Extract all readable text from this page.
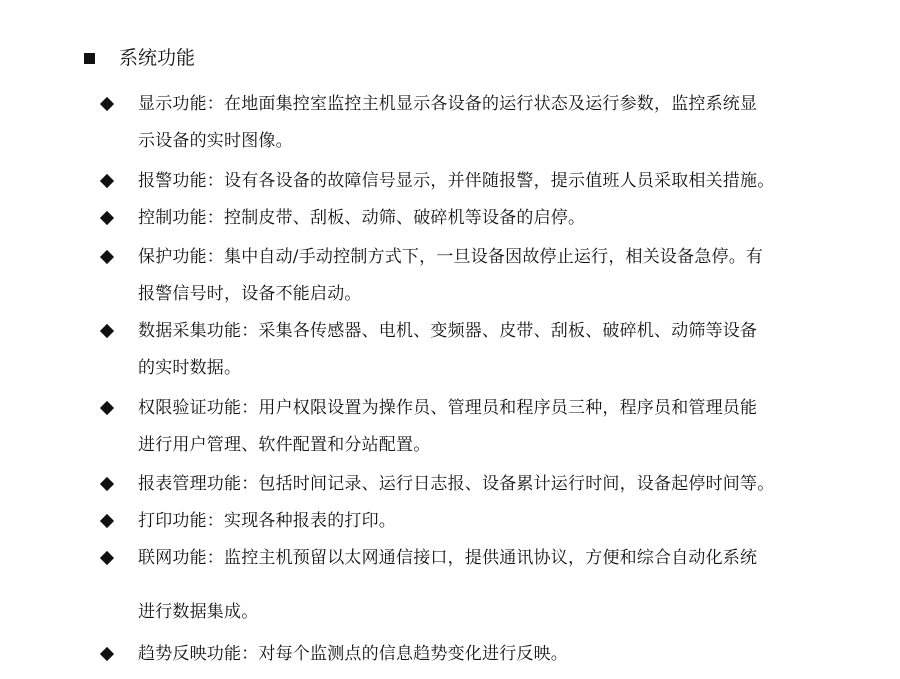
系统功能
显示功能：在地面集控室监控主机显示各设备的运行状态及运行参数，监控系统显
示设备的实时图像。
报警功能：设有各设备的故障信号显示，并伴随报警，提示值班人员采取相关措施。
控制功能：控制皮带、刮板、动筛、破碎机等设备的启停。
保护功能：集中自动/手动控制方式下，一旦设备因故停止运行，相关设备急停。有
报警信号时，设备不能启动。
数据采集功能：采集各传感器、电机、变频器、皮带、刮板、破碎机、动筛等设备
的实时数据。
权限验证功能：用户权限设置为操作员、管理员和程序员三种，程序员和管理员能
进行用户管理、软件配置和分站配置。
报表管理功能：包括时间记录、运行日志报、设备累计运行时间，设备起停时间等。
打印功能：实现各种报表的打印。
联网功能：监控主机预留以太网通信接口，提供通讯协议，方便和综合自动化系统
进行数据集成。
趋势反映功能：对每个监测点的信息趋势变化进行反映。
